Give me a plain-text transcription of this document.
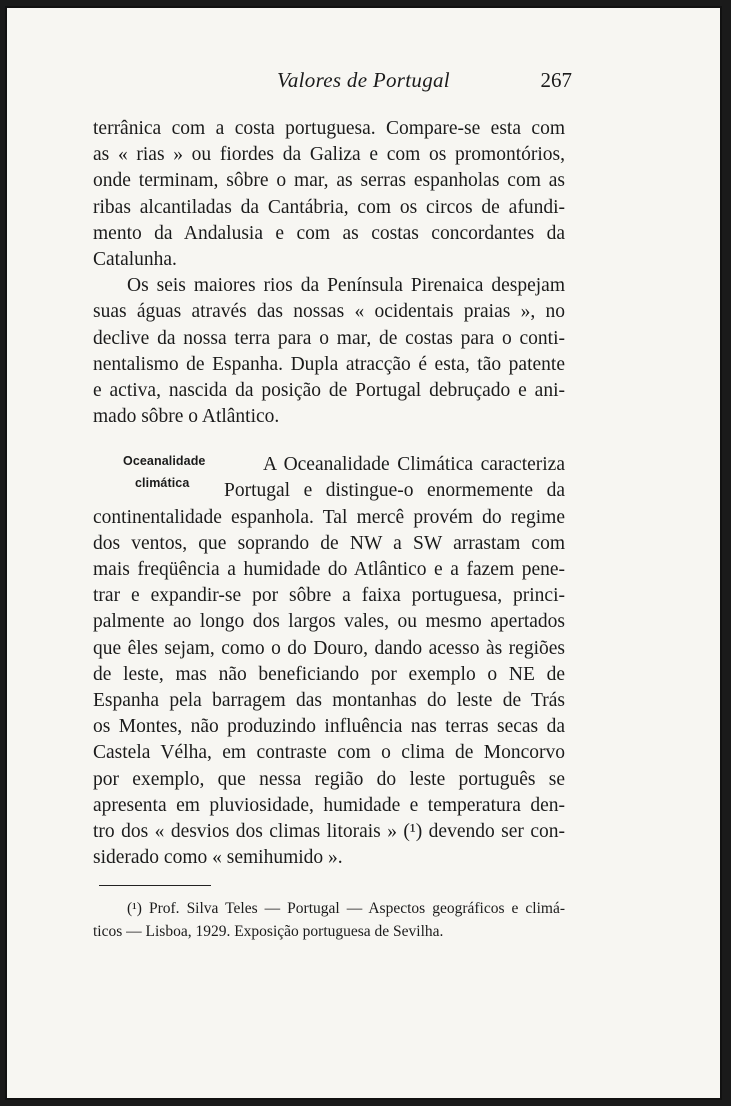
Valores de Portugal	267
terrânica com a costa portuguesa. Compare-se esta com
as « rias » ou fiordes da Galiza e com os promontórios,
onde terminam, sôbre o mar, as serras espanholas com as
ribas alcantiladas da Cantábria, com os circos de afundi-
mento da Andalusia e com as costas concordantes da
Catalunha.
Os seis maiores rios da Península Pirenaica despejam
suas águas através das nossas « ocidentais praias », no
declive da nossa terra para o mar, de costas para o conti-
nentalismo de Espanha. Dupla atracção é esta, tão patente
e activa, nascida da posição de Portugal debruçado e ani-
mado sôbre o Atlântico.
Oceanalidade	A Oceanalidade Climática caracteriza
climática Portugal e distingue-o enormemente da
continentalidade espanhola. Tal mercê provém do regime
dos ventos, que soprando de NW a SW arrastam com
mais freqüência a humidade do Atlântico e a fazem pene-
trar e expandir-se por sôbre a faixa portuguesa, princi-
palmente ao longo dos largos vales, ou mesmo apertados
que êles sejam, como o do Douro, dando acesso às regiões
de leste, mas não beneficiando por exemplo o NE de
Espanha pela barragem das montanhas do leste de Trás
os Montes, não produzindo influência nas terras secas da
Castela Vélha, em contraste com o clima de Moncorvo
por exemplo, que nessa região do leste português se
apresenta em pluviosidade, humidade e temperatura den-
tro dos « desvios dos climas litorais » (¹) devendo ser con-
siderado como « semihumido ».
(¹) Prof. Silva Teles — Portugal — Aspectos geográficos e climá-
ticos — Lisboa, 1929. Exposição portuguesa de Sevilha.
